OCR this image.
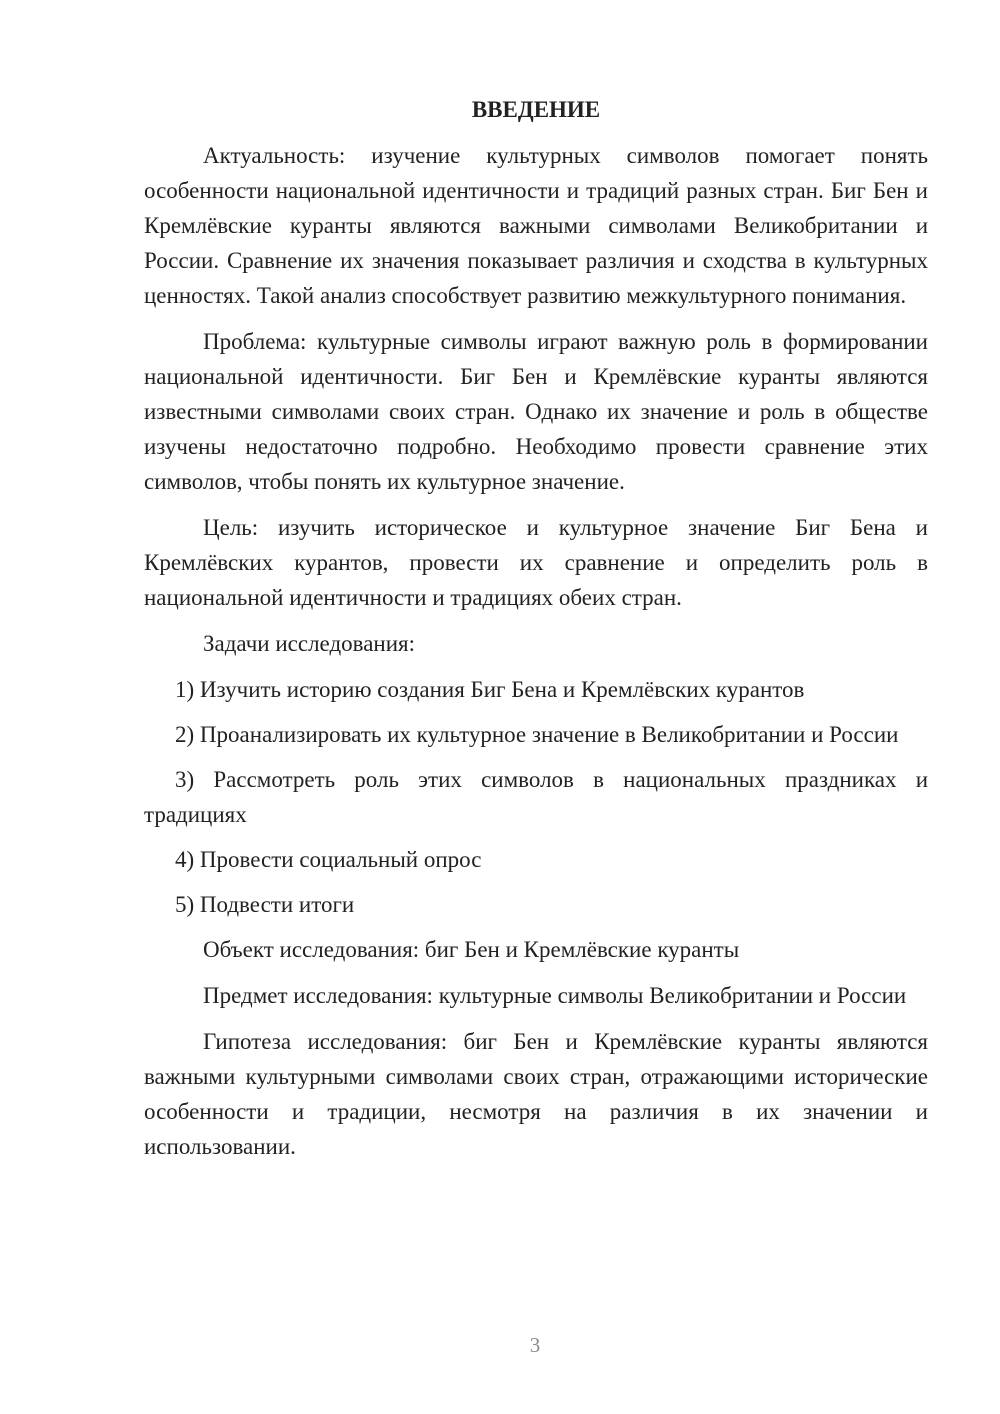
ВВЕДЕНИЕ

Актуальность: изучение культурных символов помогает понять особенности национальной идентичности и традиций разных стран. Биг Бен и Кремлёвские куранты являются важными символами Великобритании и России. Сравнение их значения показывает различия и сходства в культурных ценностях. Такой анализ способствует развитию межкультурного понимания.

Проблема: культурные символы играют важную роль в формировании национальной идентичности. Биг Бен и Кремлёвские куранты являются известными символами своих стран. Однако их значение и роль в обществе изучены недостаточно подробно. Необходимо провести сравнение этих символов, чтобы понять их культурное значение.

Цель: изучить историческое и культурное значение Биг Бена и Кремлёвских курантов, провести их сравнение и определить роль в национальной идентичности и традициях обеих стран.

Задачи исследования:

1) Изучить историю создания Биг Бена и Кремлёвских курантов

2) Проанализировать их культурное значение в Великобритании и России

3) Рассмотреть роль этих символов в национальных праздниках и традициях

4) Провести социальный опрос

5) Подвести итоги

Объект исследования: биг Бен и Кремлёвские куранты

Предмет исследования: культурные символы Великобритании и России

Гипотеза исследования: биг Бен и Кремлёвские куранты являются важными культурными символами своих стран, отражающими исторические особенности и традиции, несмотря на различия в их значении и использовании.

3
